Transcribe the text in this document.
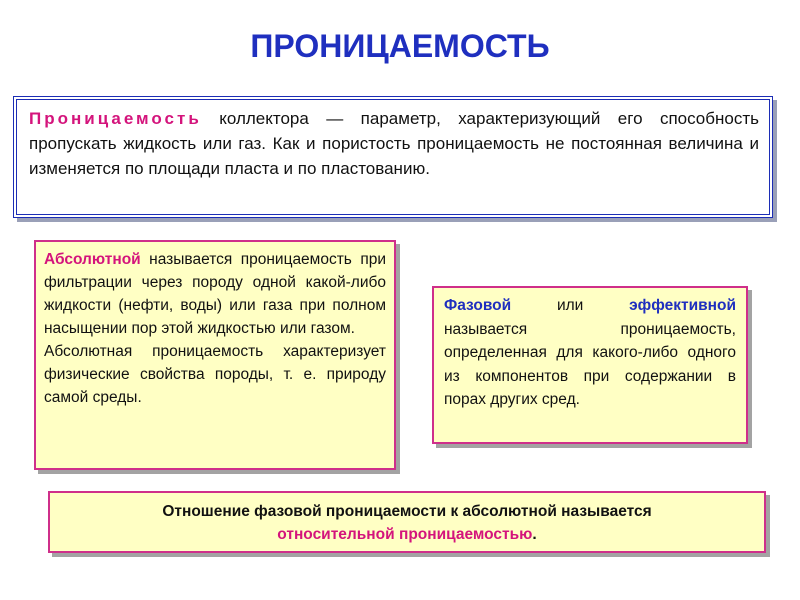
ПРОНИЦАЕМОСТЬ
Проницаемость коллектора — параметр, характеризующий его способность пропускать жидкость или газ. Как и пористость проницаемость не постоянная величина и изменяется по площади пласта и по пластованию.

Абсолютной называется проницаемость при фильтрации через породу одной какой-либо жидкости (нефти, воды) или газа при полном насыщении пор этой жидкостью или газом.

Абсолютная проницаемость характеризует физические свойства породы, т. е. природу самой среды.

Фазовой или эффективной называется проницаемость, определенная для какого-либо одного из компонентов при содержании в порах других сред.
Отношение фазовой проницаемости к абсолютной называется
относительной проницаемостью.
